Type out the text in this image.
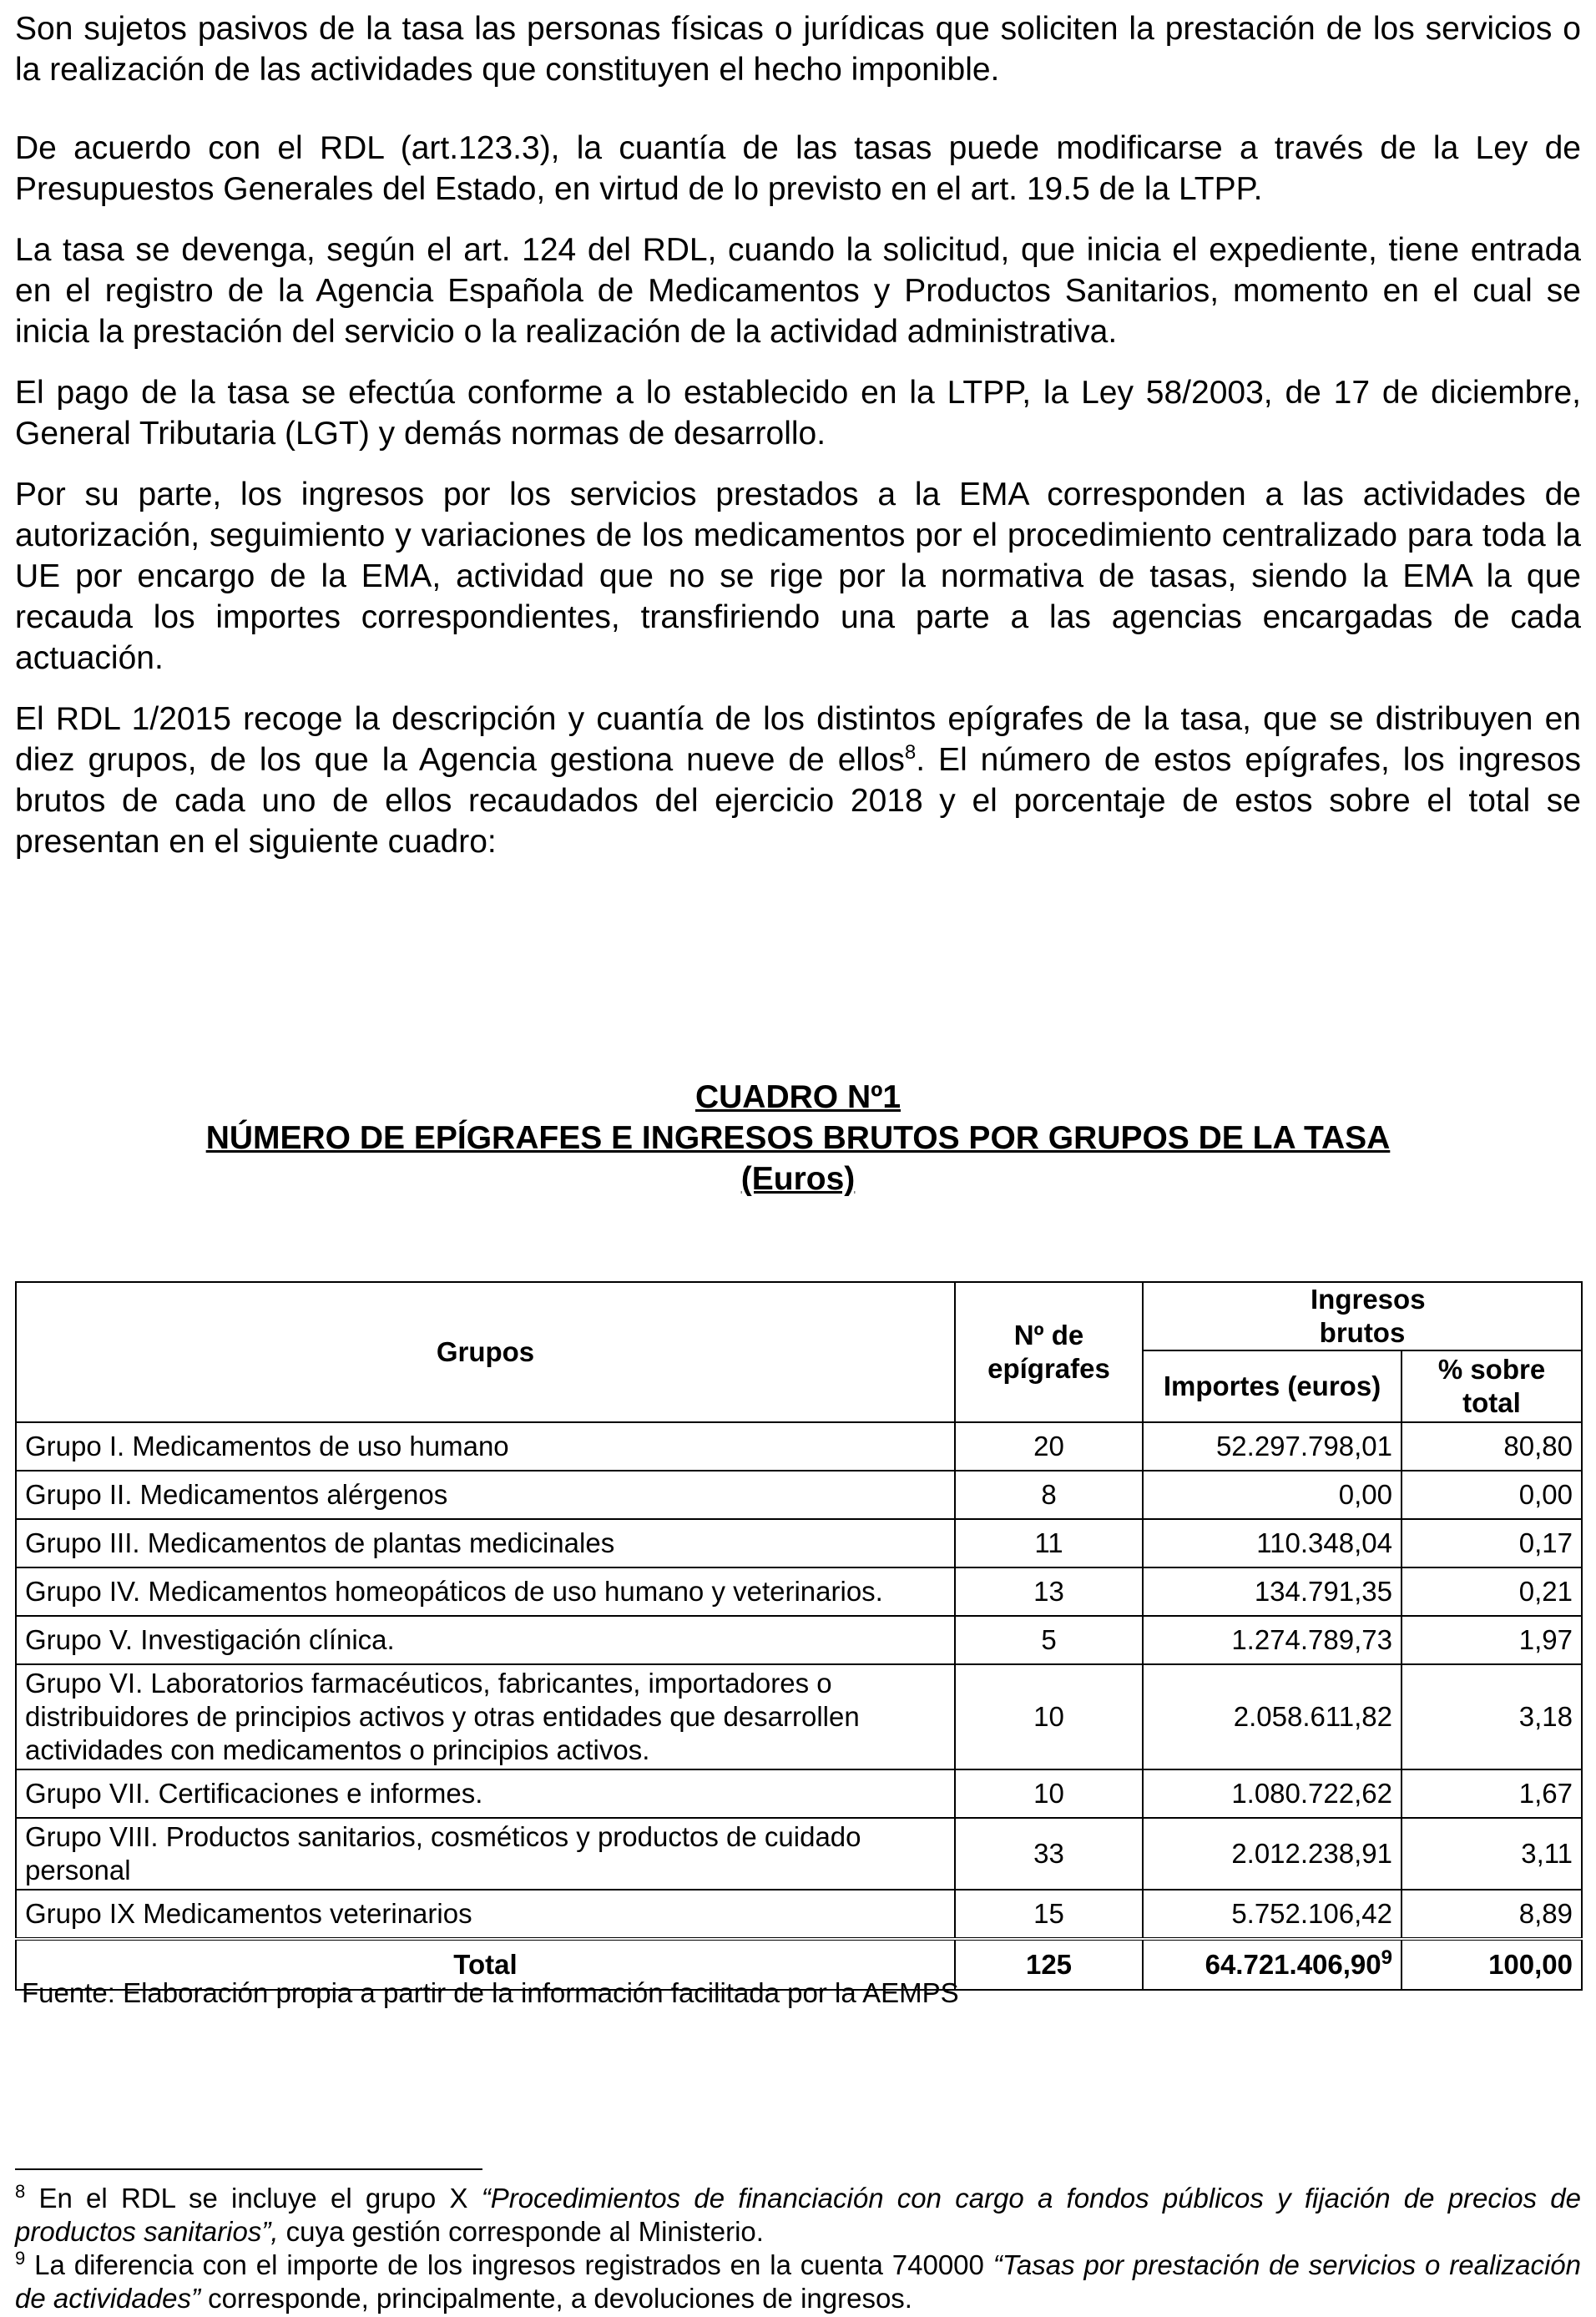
Son sujetos pasivos de la tasa las personas físicas o jurídicas que soliciten la prestación de los servicios o la realización de las actividades que constituyen el hecho imponible.

De acuerdo con el RDL (art.123.3), la cuantía de las tasas puede modificarse a través de la Ley de Presupuestos Generales del Estado, en virtud de lo previsto en el art. 19.5 de la LTPP.

La tasa se devenga, según el art. 124 del RDL, cuando la solicitud, que inicia el expediente, tiene entrada en el registro de la Agencia Española de Medicamentos y Productos Sanitarios, momento en el cual se inicia la prestación del servicio o la realización de la actividad administrativa.

El pago de la tasa se efectúa conforme a lo establecido en la LTPP, la Ley 58/2003, de 17 de diciembre, General Tributaria (LGT) y demás normas de desarrollo.

Por su parte, los ingresos por los servicios prestados a la EMA corresponden a las actividades de autorización, seguimiento y variaciones de los medicamentos por el procedimiento centralizado para toda la UE por encargo de la EMA, actividad que no se rige por la normativa de tasas, siendo la EMA la que recauda los importes correspondientes, transfiriendo una parte a las agencias encargadas de cada actuación.

El RDL 1/2015 recoge la descripción y cuantía de los distintos epígrafes de la tasa, que se distribuyen en diez grupos, de los que la Agencia gestiona nueve de ellos$^8$. El número de estos epígrafes, los ingresos brutos de cada uno de ellos recaudados del ejercicio 2018 y el porcentaje de estos sobre el total se presentan en el siguiente cuadro:

CUADRO Nº1
NÚMERO DE EPÍGRAFES E INGRESOS BRUTOS POR GRUPOS DE LA TASA
(Euros)
Grupos	Nº de epígrafes	Ingresos brutos	
		Importes (euros)	% sobre total
Grupo I. Medicamentos de uso humano	20	52.297.798,01	80,80
Grupo II. Medicamentos alérgenos	8	0,00	0,00
Grupo III. Medicamentos de plantas medicinales	11	110.348,04	0,17
Grupo IV. Medicamentos homeopáticos de uso humano y veterinarios.	13	134.791,35	0,21
Grupo V. Investigación clínica.	5	1.274.789,73	1,97
Grupo VI. Laboratorios farmacéuticos, fabricantes, importadores o distribuidores de principios activos y otras entidades que desarrollen actividades con medicamentos o principios activos.	10	2.058.611,82	3,18
Grupo VII. Certificaciones e informes.	10	1.080.722,62	1,67
Grupo VIII. Productos sanitarios, cosméticos y productos de cuidado personal	33	2.012.238,91	3,11
Grupo IX Medicamentos veterinarios	15	5.752.106,42	8,89
Total	125	64.721.406,90$^9$	100,00
Fuente: Elaboración propia a partir de la información facilitada por la AEMPS

$^8$ En el RDL se incluye el grupo X “Procedimientos de financiación con cargo a fondos públicos y fijación de precios de productos sanitarios”, cuya gestión corresponde al Ministerio.

$^9$ La diferencia con el importe de los ingresos registrados en la cuenta 740000 “Tasas por prestación de servicios o realización de actividades” corresponde, principalmente, a devoluciones de ingresos.
